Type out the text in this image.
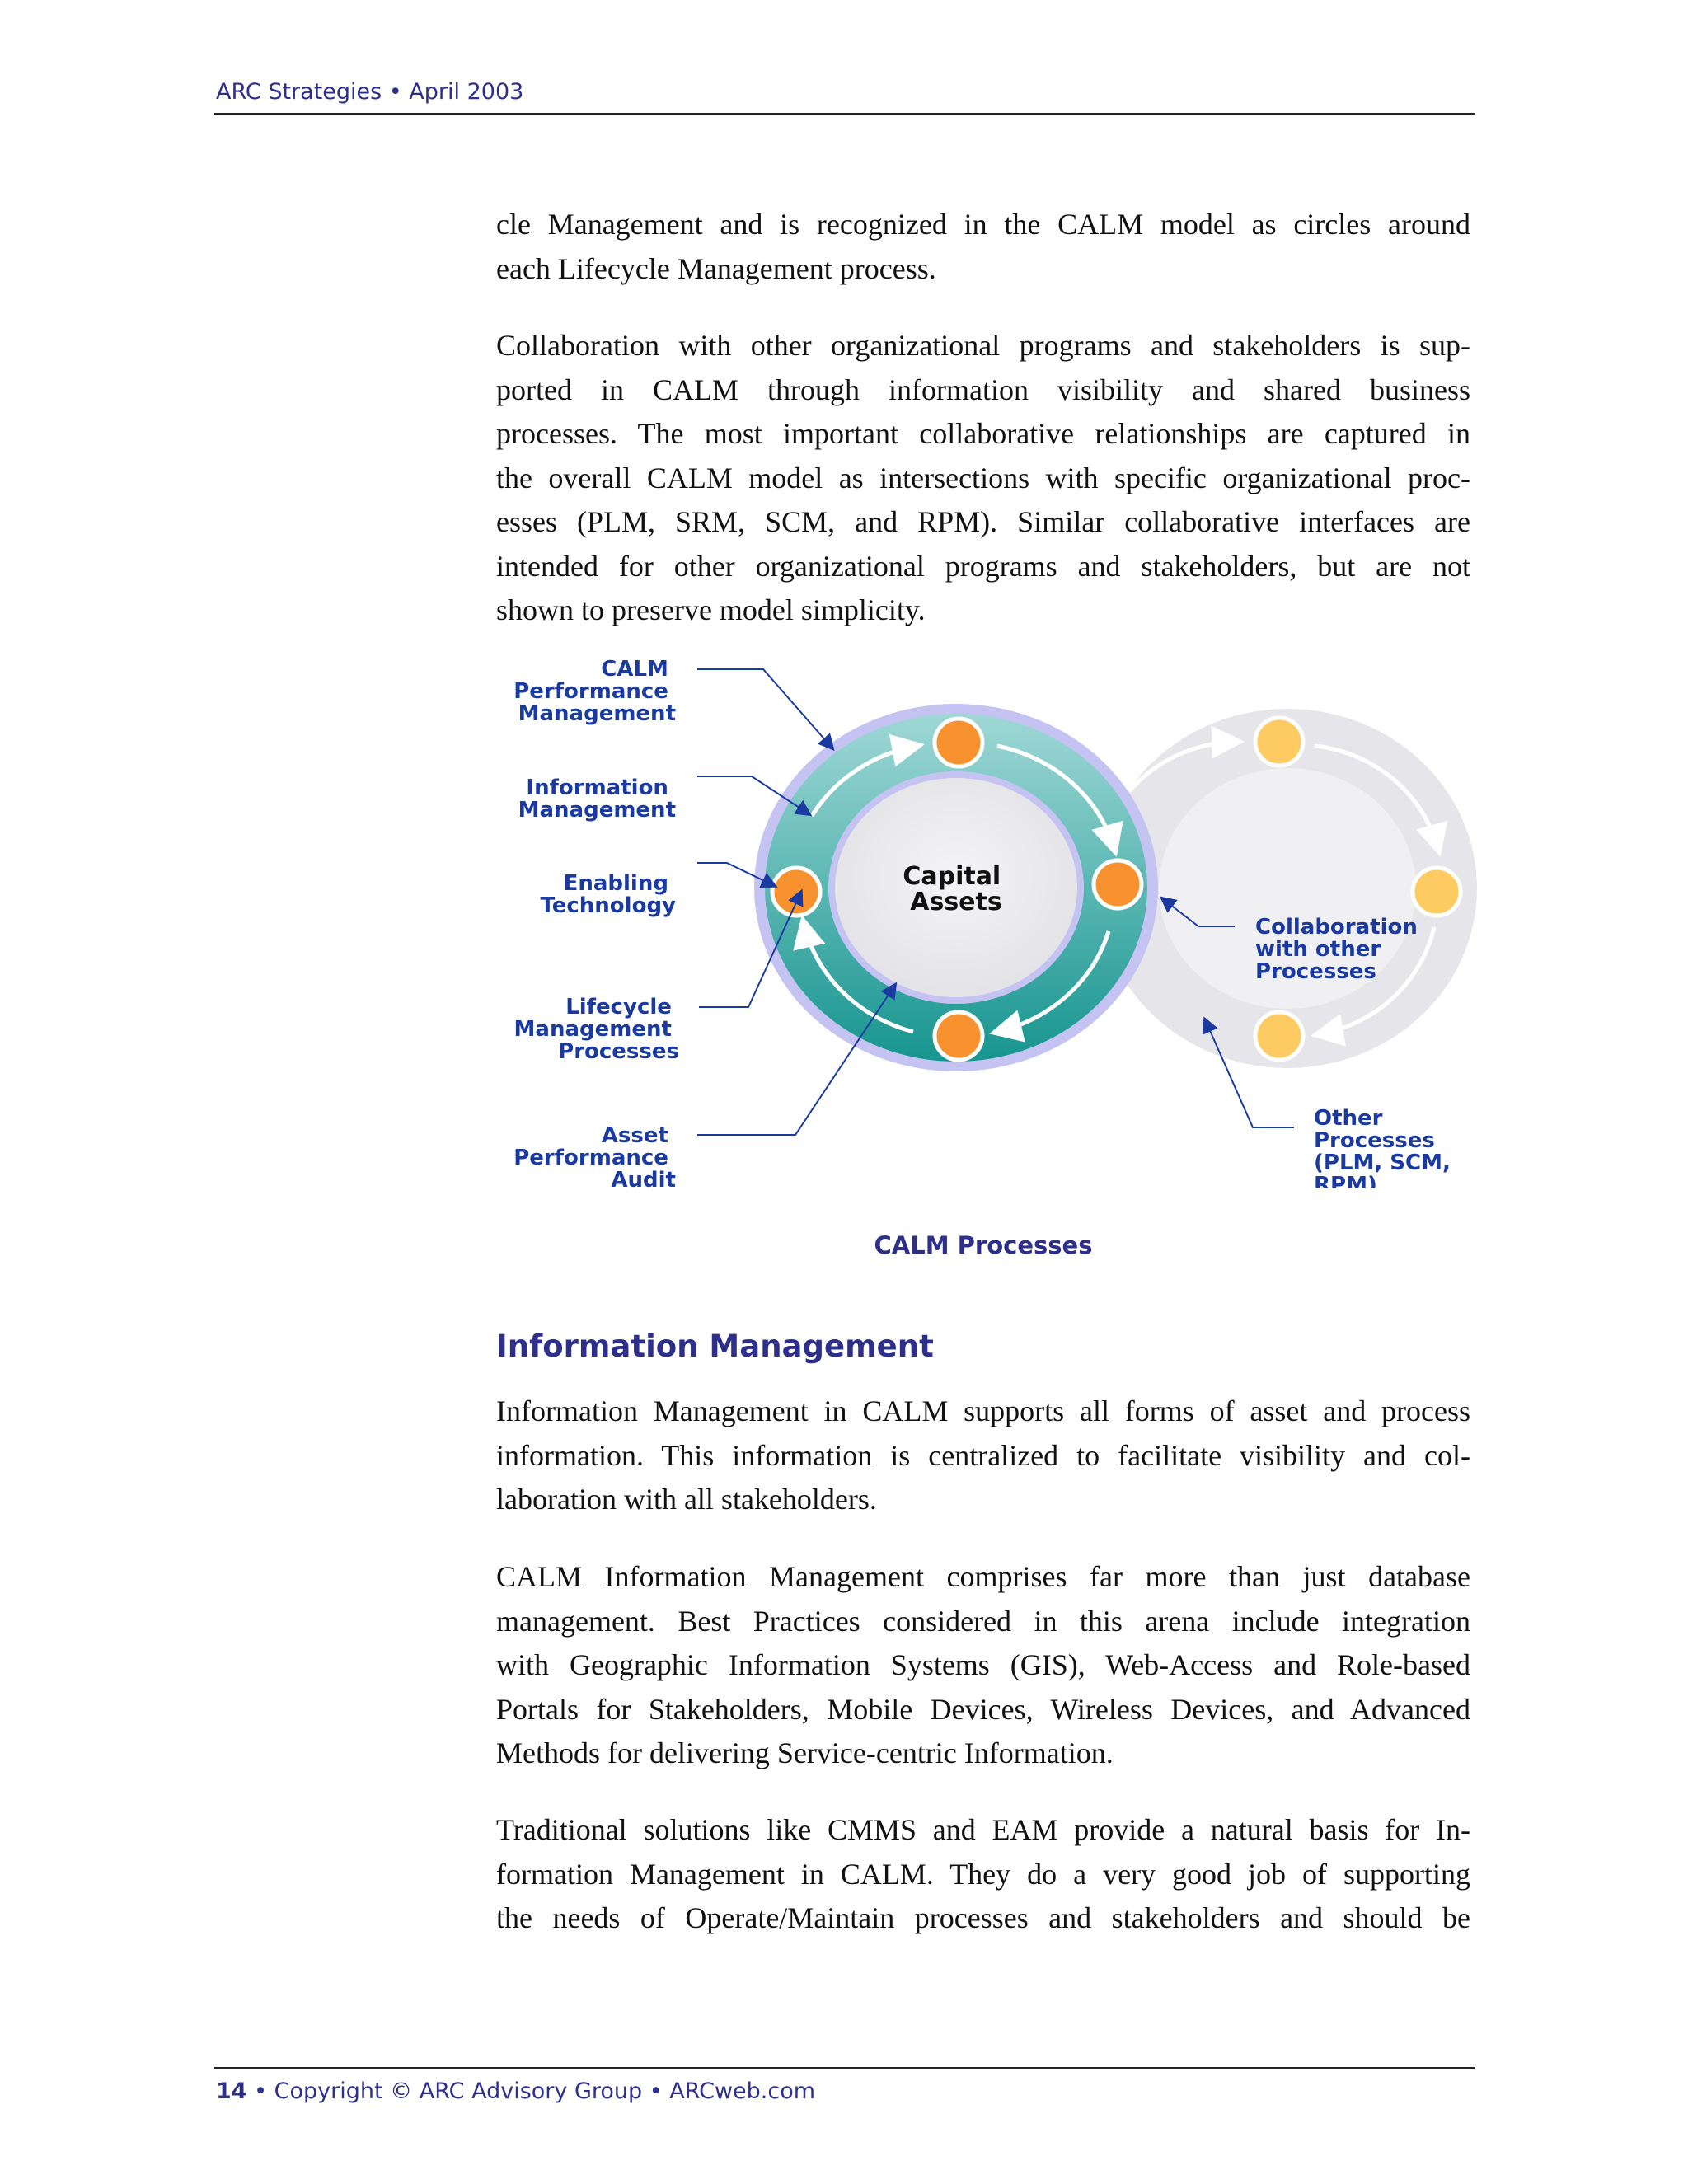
ARC Strategies • April 2003

cle Management and is recognized in the CALM model as circles around

each Lifecycle Management process.

Collaboration with other organizational programs and stakeholders is sup-

ported in CALM through information visibility and shared business

processes. The most important collaborative relationships are captured in

the overall CALM model as intersections with specific organizational proc-

esses (PLM, SRM, SCM, and RPM). Similar collaborative interfaces are

intended for other organizational programs and stakeholders, but are not

shown to preserve model simplicity.

Capital Assets
CALM Performance Management
Information Management
Enabling Technology
Lifecycle Management Processes
Asset Performance Audit
Collaboration with other Processes
Other Processes (PLM, SCM, RPM)
CALM Processes
Information Management

Information Management in CALM supports all forms of asset and process

information. This information is centralized to facilitate visibility and col-

laboration with all stakeholders.

CALM Information Management comprises far more than just database

management. Best Practices considered in this arena include integration

with Geographic Information Systems (GIS), Web-Access and Role-based

Portals for Stakeholders, Mobile Devices, Wireless Devices, and Advanced

Methods for delivering Service-centric Information.

Traditional solutions like CMMS and EAM provide a natural basis for In-

formation Management in CALM. They do a very good job of supporting

the needs of Operate/Maintain processes and stakeholders and should be

14 • Copyright © ARC Advisory Group • ARCweb.com
